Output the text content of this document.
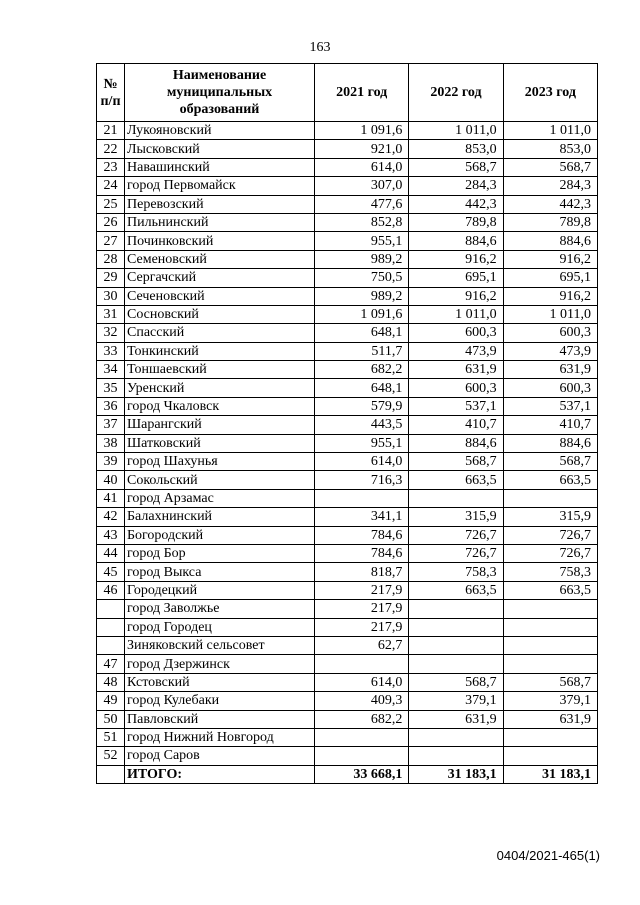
163
№ п/п	Наименование муниципальных образований	2021 год	2022 год	2023 год
21	Лукояновский	1 091,6	1 011,0	1 011,0
22	Лысковский	921,0	853,0	853,0
23	Навашинский	614,0	568,7	568,7
24	город Первомайск	307,0	284,3	284,3
25	Перевозский	477,6	442,3	442,3
26	Пильнинский	852,8	789,8	789,8
27	Починковский	955,1	884,6	884,6
28	Семеновский	989,2	916,2	916,2
29	Сергачский	750,5	695,1	695,1
30	Сеченовский	989,2	916,2	916,2
31	Сосновский	1 091,6	1 011,0	1 011,0
32	Спасский	648,1	600,3	600,3
33	Тонкинский	511,7	473,9	473,9
34	Тоншаевский	682,2	631,9	631,9
35	Уренский	648,1	600,3	600,3
36	город Чкаловск	579,9	537,1	537,1
37	Шарангский	443,5	410,7	410,7
38	Шатковский	955,1	884,6	884,6
39	город Шахунья	614,0	568,7	568,7
40	Сокольский	716,3	663,5	663,5
41	город Арзамас			
42	Балахнинский	341,1	315,9	315,9
43	Богородский	784,6	726,7	726,7
44	город Бор	784,6	726,7	726,7
45	город Выкса	818,7	758,3	758,3
46	Городецкий	217,9	663,5	663,5
	город Заволжье	217,9		
	город Городец	217,9		
	Зиняковский сельсовет	62,7		
47	город Дзержинск			
48	Кстовский	614,0	568,7	568,7
49	город Кулебаки	409,3	379,1	379,1
50	Павловский	682,2	631,9	631,9
51	город Нижний Новгород			
52	город Саров			
	ИТОГО:	33 668,1	31 183,1	31 183,1
0404/2021-465(1)
